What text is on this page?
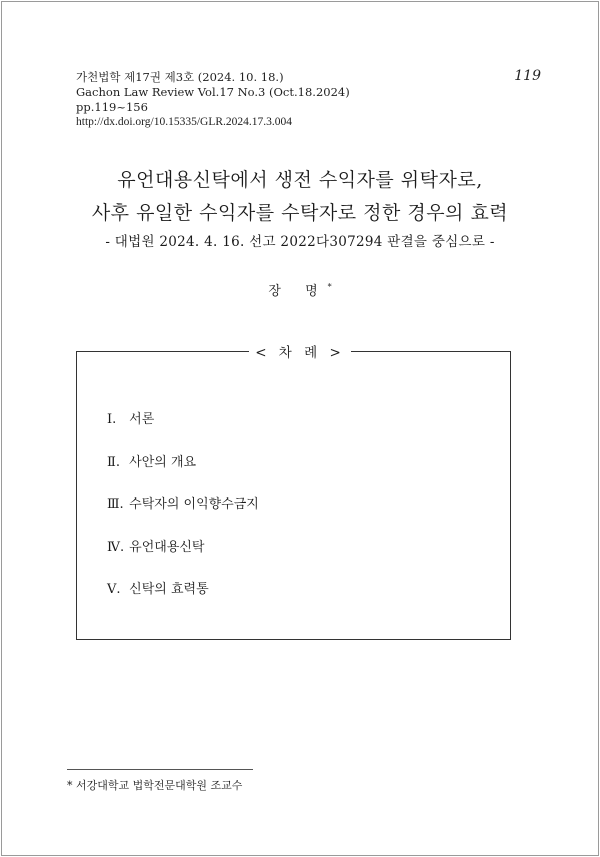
가천법학 제17권 제3호 (2024. 10. 18.)
Gachon Law Review Vol.17 No.3 (Oct.18.2024)
pp.119~156
http://dx.doi.org/10.15335/GLR.2024.17.3.004
119
유언대용신탁에서 생전 수익자를 위탁자로,
사후 유일한 수익자를 수탁자로 정한 경우의 효력
- 대법원 2024. 4. 16. 선고 2022다307294 판결을 중심으로 -
장 명*
< 차 례 >
Ⅰ. 서론
Ⅱ. 사안의 개요
Ⅲ. 수탁자의 이익향수금지
Ⅳ. 유언대용신탁
Ⅴ. 신탁의 효력통
* 서강대학교 법학전문대학원 조교수
